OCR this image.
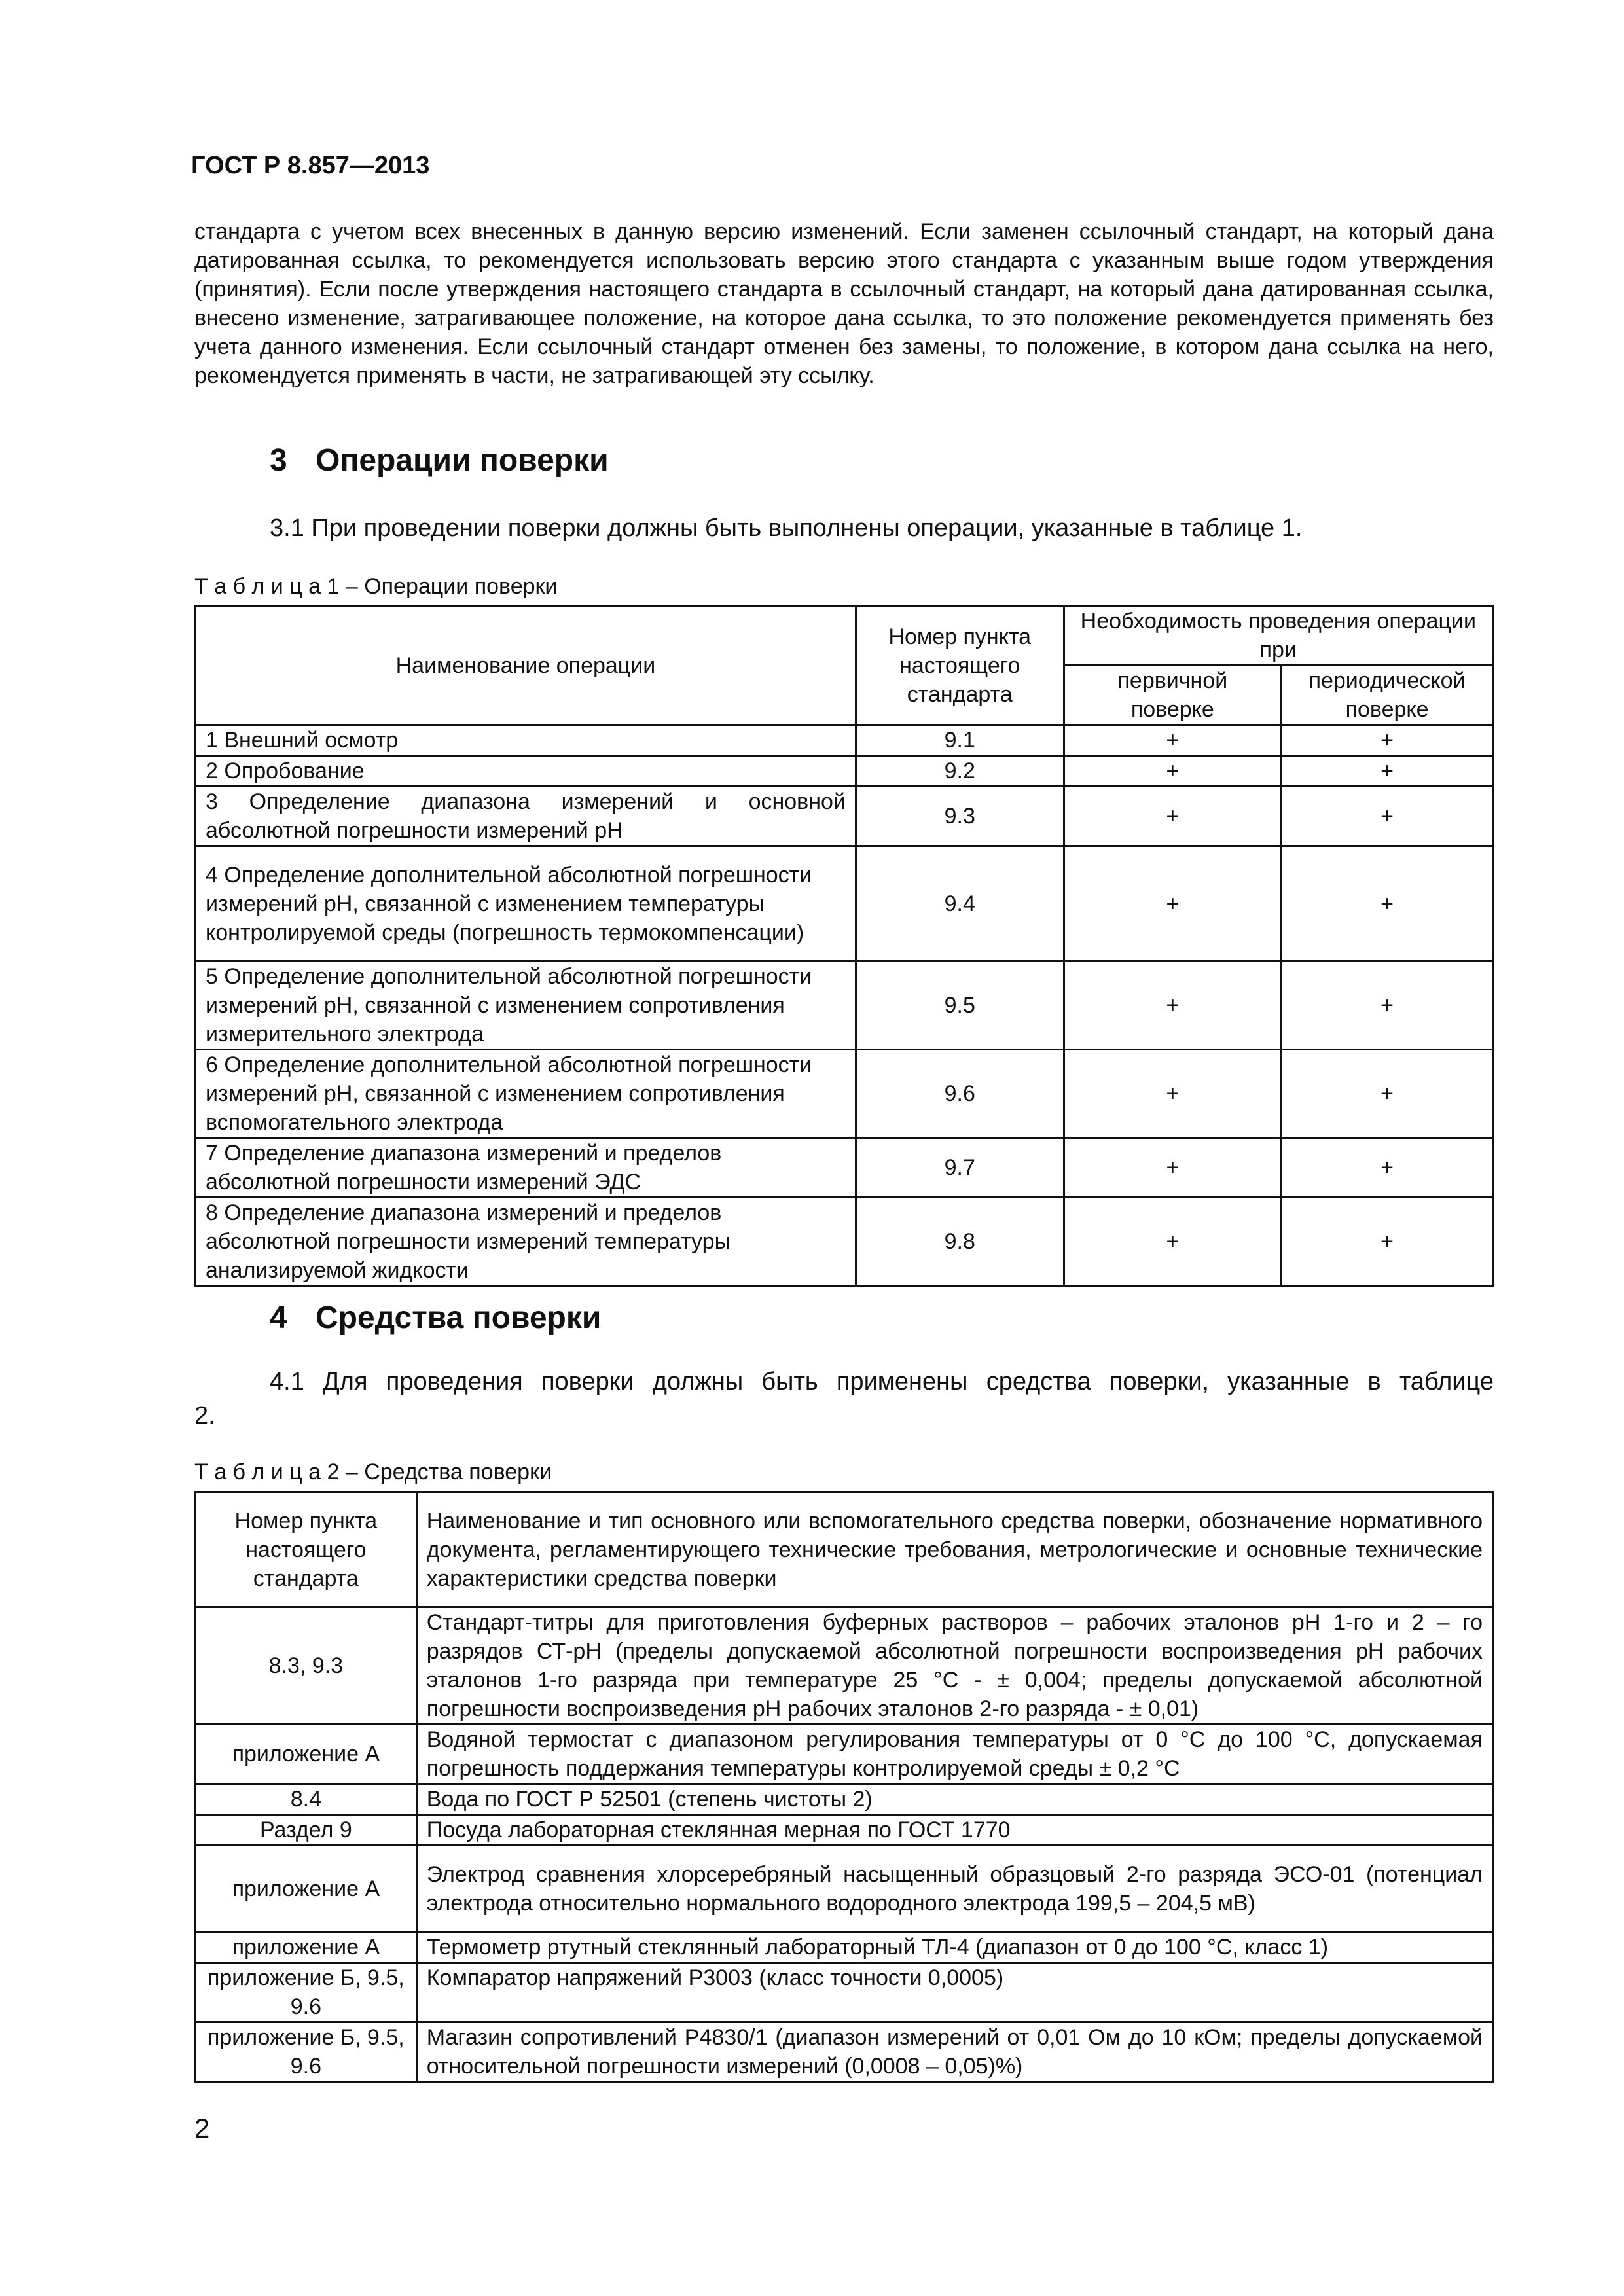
ГОСТ Р 8.857—2013
стандарта с учетом всех внесенных в данную версию изменений. Если заменен ссылочный стандарт, на который дана датированная ссылка, то рекомендуется использовать версию этого стандарта с указанным выше годом утверждения (принятия). Если после утверждения настоящего стандарта в ссылочный стандарт, на который дана датированная ссылка, внесено изменение, затрагивающее положение, на которое дана ссылка, то это положение рекомендуется применять без учета данного изменения. Если ссылочный стандарт отменен без замены, то положение, в котором дана ссылка на него, рекомендуется применять в части, не затрагивающей эту ссылку.
3 Операции поверки
3.1 При проведении поверки должны быть выполнены операции, указанные в таблице 1.
Т а б л и ц а 1 – Операции поверки
Наименование операции	Номер пункта настоящего стандарта	Необходимость проведения операции при	
		первичной поверке	периодической поверке
1 Внешний осмотр	9.1	+	+
2 Опробование	9.2	+	+
3 Определение диапазона измерений и основной абсолютной погрешности измерений pH	9.3	+	+
4 Определение дополнительной абсолютной погрешности измерений pH, связанной с изменением температуры контролируемой среды (погрешность термокомпенсации)	9.4	+	+
5 Определение дополнительной абсолютной погрешности измерений pH, связанной с изменением сопротивления измерительного электрода	9.5	+	+
6 Определение дополнительной абсолютной погрешности измерений pH, связанной с изменением сопротивления вспомогательного электрода	9.6	+	+
7 Определение диапазона измерений и пределов абсолютной погрешности измерений ЭДС	9.7	+	+
8 Определение диапазона измерений и пределов абсолютной погрешности измерений температуры анализируемой жидкости	9.8	+	+
4 Средства поверки
4.1 Для проведения поверки должны быть применены средства поверки, указанные в таблице
2.
Т а б л и ц а 2 – Средства поверки
Номер пункта настоящего стандарта	Наименование и тип основного или вспомогательного средства поверки, обозначение нормативного документа, регламентирующего технические требования, метрологические и основные технические характеристики средства поверки
8.3, 9.3	Стандарт-титры для приготовления буферных растворов – рабочих эталонов pH 1-го и 2 – го разрядов СТ-pH (пределы допускаемой абсолютной погрешности воспроизведения pH рабочих эталонов 1-го разряда при температуре 25 °С - ± 0,004; пределы допускаемой абсолютной погрешности воспроизведения pH рабочих эталонов 2-го разряда - ± 0,01)
приложение А	Водяной термостат с диапазоном регулирования температуры от 0 °С до 100 °С, допускаемая погрешность поддержания температуры контролируемой среды ± 0,2 °С
8.4	Вода по ГОСТ Р 52501 (степень чистоты 2)
Раздел 9	Посуда лабораторная стеклянная мерная по ГОСТ 1770
приложение А	Электрод сравнения хлорсеребряный насыщенный образцовый 2-го разряда ЭСО-01 (потенциал электрода относительно нормального водородного электрода 199,5 – 204,5 мВ)
приложение А	Термометр ртутный стеклянный лабораторный ТЛ-4 (диапазон от 0 до 100 °С, класс 1)
приложение Б, 9.5, 9.6	Компаратор напряжений Р3003 (класс точности 0,0005)
приложение Б, 9.5, 9.6	Магазин сопротивлений Р4830/1 (диапазон измерений от 0,01 Ом до 10 кОм; пределы допускаемой относительной погрешности измерений (0,0008 – 0,05)%)
2
